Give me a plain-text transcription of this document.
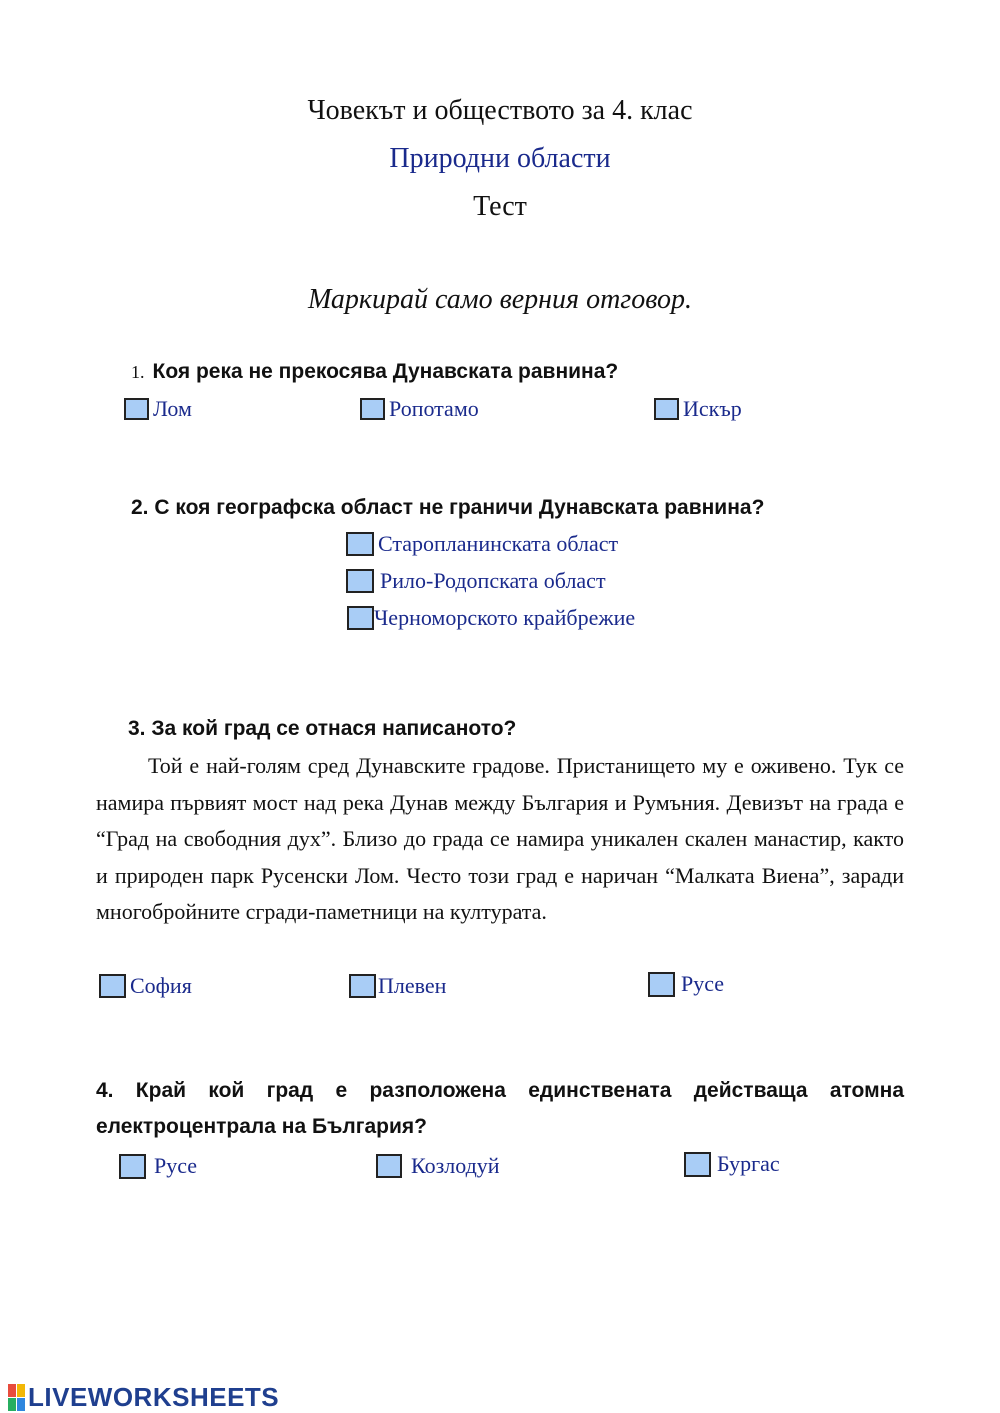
Човекът и обществото за 4. клас
Природни области
Тест
Маркирай само верния отговор.
1. Коя река не прекосява Дунавската равнина?
Лом	Ропотамо	Искър
2. С коя географска област не граничи Дунавската равнина?
Старопланинската област
Рило-Родопската област
Черноморското крайбрежие
3. За кой град се отнася написаното?
Той е най-голям сред Дунавските градове. Пристанището му е оживено. Тук се намира първият мост над река Дунав между България и Румъния. Девизът на града е “Град на свободния дух”. Близо до града се намира уникален скален манастир, както и природен парк Русенски Лом. Често този град е наричан “Малката Виена”, заради многобройните сгради-паметници на културата.
София	Плевен	Русе
4. Край кой град е разположена единствената действаща атомна електроцентрала на България?
Русе	Козлодуй	Бургас
LIVEWORKSHEETS
